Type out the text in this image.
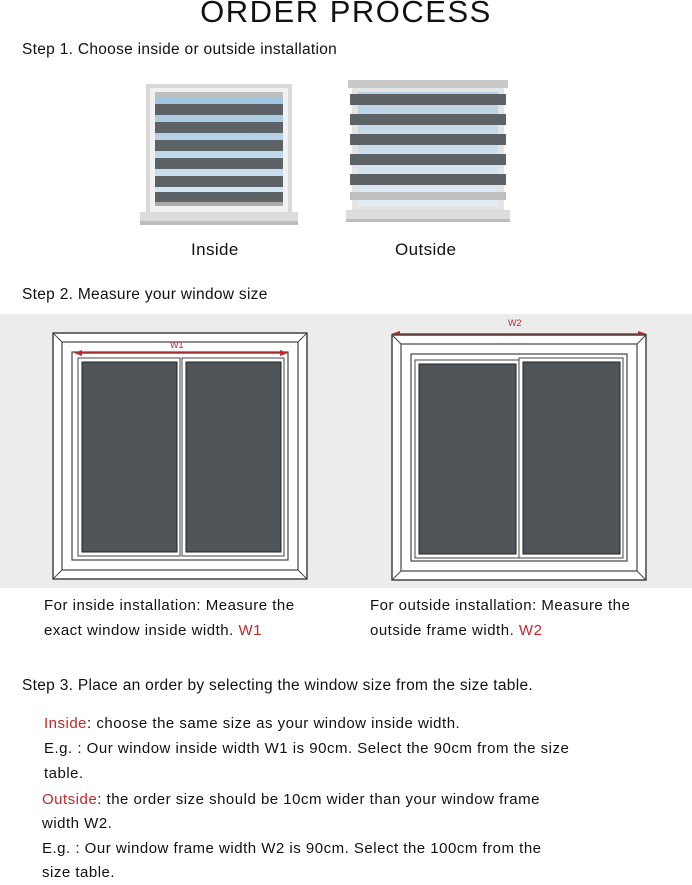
ORDER PROCESS
Step 1. Choose inside or outside installation
Inside	Outside
Step 2. Measure your window size
W1
W2
For inside installation: Measure the
exact window inside width. W1
For outside installation: Measure the
outside frame width. W2
Step 3. Place an order by selecting the window size from the size table.
Inside: choose the same size as your window inside width.
E.g. : Our window inside width W1 is 90cm. Select the 90cm from the size
table.
Outside: the order size should be 10cm wider than your window frame
width W2.
E.g. : Our window frame width W2 is 90cm. Select the 100cm from the
size table.
